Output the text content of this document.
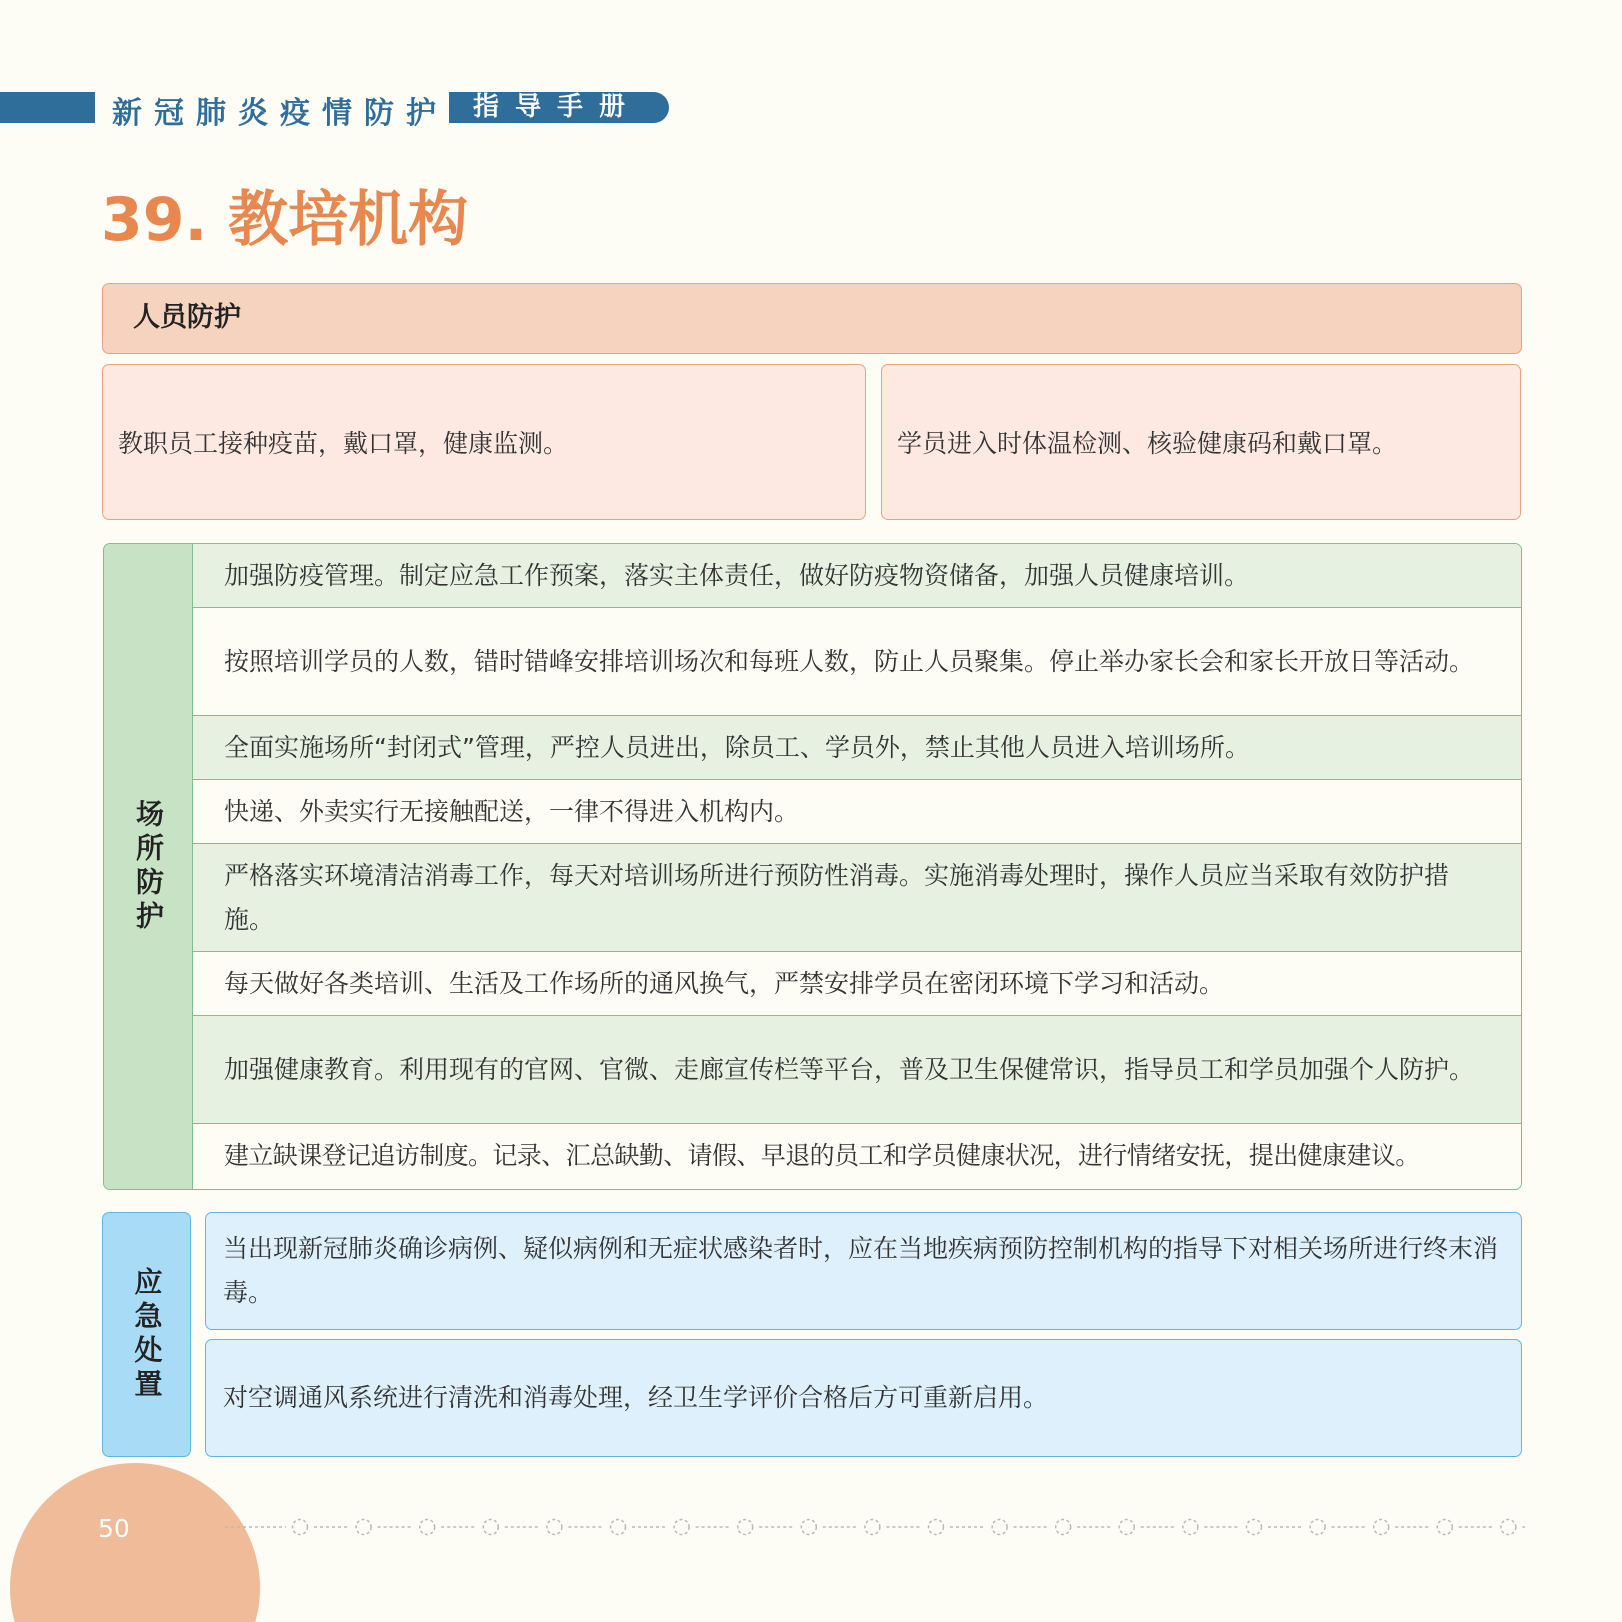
新冠肺炎疫情防护 指导手册
39. 教培机构
人员防护
教职员工接种疫苗，戴口罩，健康监测。	学员进入时体温检测、核验健康码和戴口罩。
场所防护
加强防疫管理。制定应急工作预案，落实主体责任，做好防疫物资储备，加强人员健康培训。
按照培训学员的人数，错时错峰安排培训场次和每班人数，防止人员聚集。停止举办家长会和家长开放日等活动。
全面实施场所“封闭式”管理，严控人员进出，除员工、学员外，禁止其他人员进入培训场所。
快递、外卖实行无接触配送，一律不得进入机构内。
严格落实环境清洁消毒工作，每天对培训场所进行预防性消毒。实施消毒处理时，操作人员应当采取有效防护措施。
每天做好各类培训、生活及工作场所的通风换气，严禁安排学员在密闭环境下学习和活动。
加强健康教育。利用现有的官网、官微、走廊宣传栏等平台，普及卫生保健常识，指导员工和学员加强个人防护。
建立缺课登记追访制度。记录、汇总缺勤、请假、早退的员工和学员健康状况，进行情绪安抚，提出健康建议。
应急处置
当出现新冠肺炎确诊病例、疑似病例和无症状感染者时，应在当地疾病预防控制机构的指导下对相关场所进行终末消毒。
对空调通风系统进行清洗和消毒处理，经卫生学评价合格后方可重新启用。
50
